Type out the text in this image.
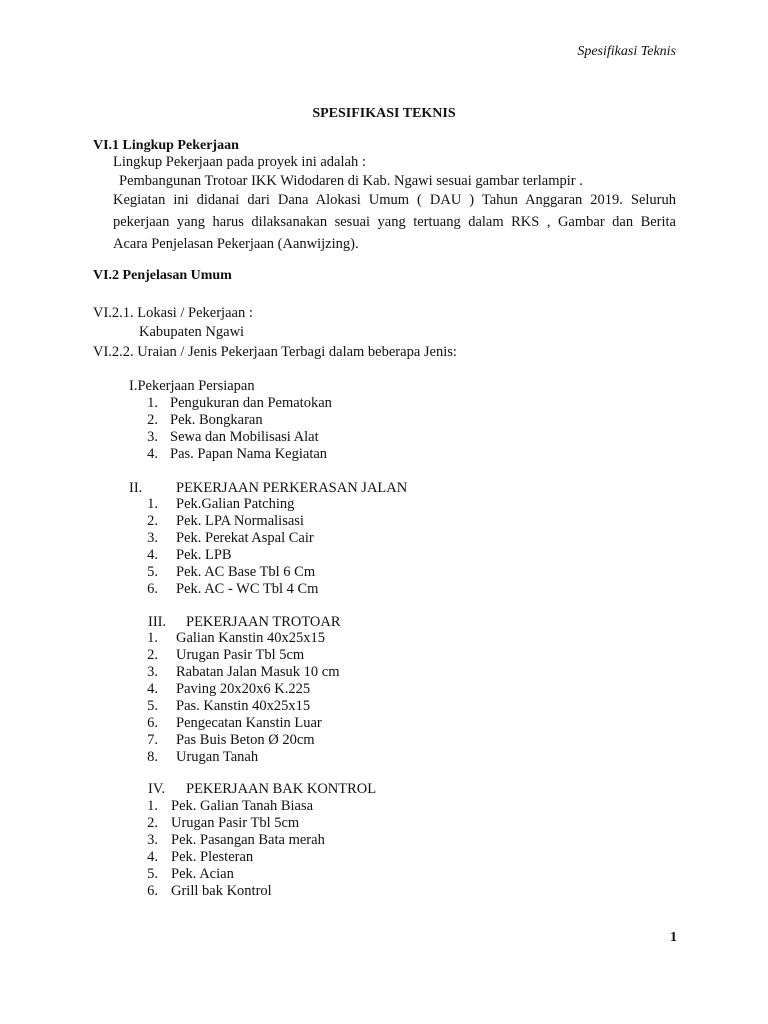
Spesifikasi Teknis
SPESIFIKASI TEKNIS
VI.1 Lingkup Pekerjaan
Lingkup Pekerjaan pada proyek ini adalah :
Pembangunan Trotoar IKK Widodaren di Kab. Ngawi sesuai gambar terlampir .
Kegiatan ini didanai dari Dana Alokasi Umum ( DAU ) Tahun Anggaran 2019. Seluruh
pekerjaan yang harus dilaksanakan sesuai yang tertuang dalam RKS , Gambar dan Berita
Acara Penjelasan Pekerjaan (Aanwijzing).
VI.2 Penjelasan Umum
VI.2.1. Lokasi / Pekerjaan :
Kabupaten Ngawi
VI.2.2. Uraian / Jenis Pekerjaan Terbagi dalam beberapa Jenis:
I.Pekerjaan Persiapan
1. Pengukuran dan Pematokan
2. Pek. Bongkaran
3. Sewa dan Mobilisasi Alat
4. Pas. Papan Nama Kegiatan
II. PEKERJAAN PERKERASAN JALAN
1. Pek.Galian Patching
2. Pek. LPA Normalisasi
3. Pek. Perekat Aspal Cair
4. Pek. LPB
5. Pek. AC Base Tbl 6 Cm
6. Pek. AC - WC Tbl 4 Cm
III. PEKERJAAN TROTOAR
1. Galian Kanstin 40x25x15
2. Urugan Pasir Tbl 5cm
3. Rabatan Jalan Masuk 10 cm
4. Paving 20x20x6 K.225
5. Pas. Kanstin 40x25x15
6. Pengecatan Kanstin Luar
7. Pas Buis Beton Ø 20cm
8. Urugan Tanah
IV. PEKERJAAN BAK KONTROL
1. Pek. Galian Tanah Biasa
2. Urugan Pasir Tbl 5cm
3. Pek. Pasangan Bata merah
4. Pek. Plesteran
5. Pek. Acian
6. Grill bak Kontrol
1
